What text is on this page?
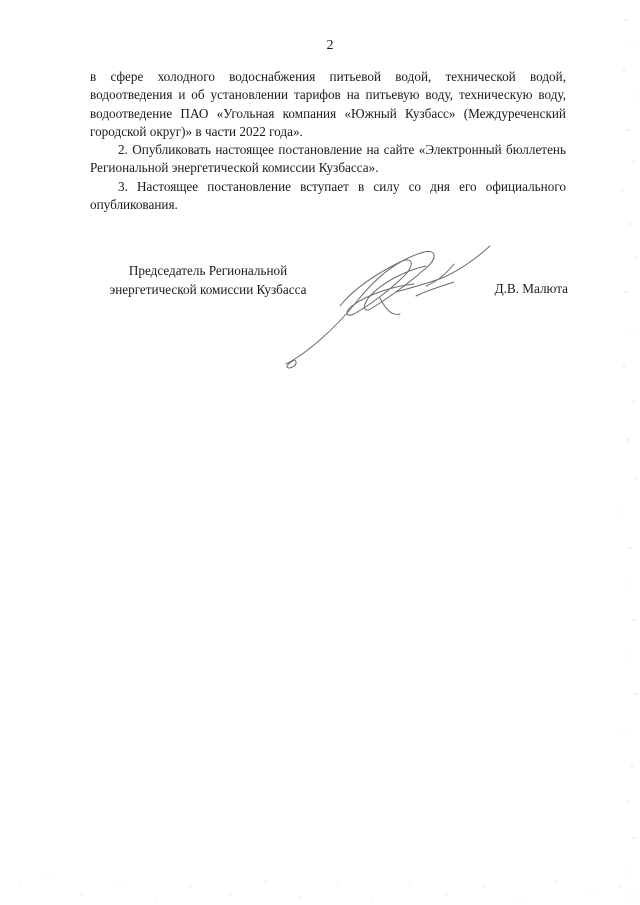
2

в сфере холодного водоснабжения питьевой водой, технической водой, водоотведения и об установлении тарифов на питьевую воду, техническую воду, водоотведение ПАО «Угольная компания «Южный Кузбасс» (Междуреченский городской округ)» в части 2022 года».

2. Опубликовать настоящее постановление на сайте «Электронный бюллетень Региональной энергетической комиссии Кузбасса».

3. Настоящее постановление вступает в силу со дня его официального опубликования.

Председатель Региональной
энергетической комиссии Кузбасса	Д.В. Малюта
